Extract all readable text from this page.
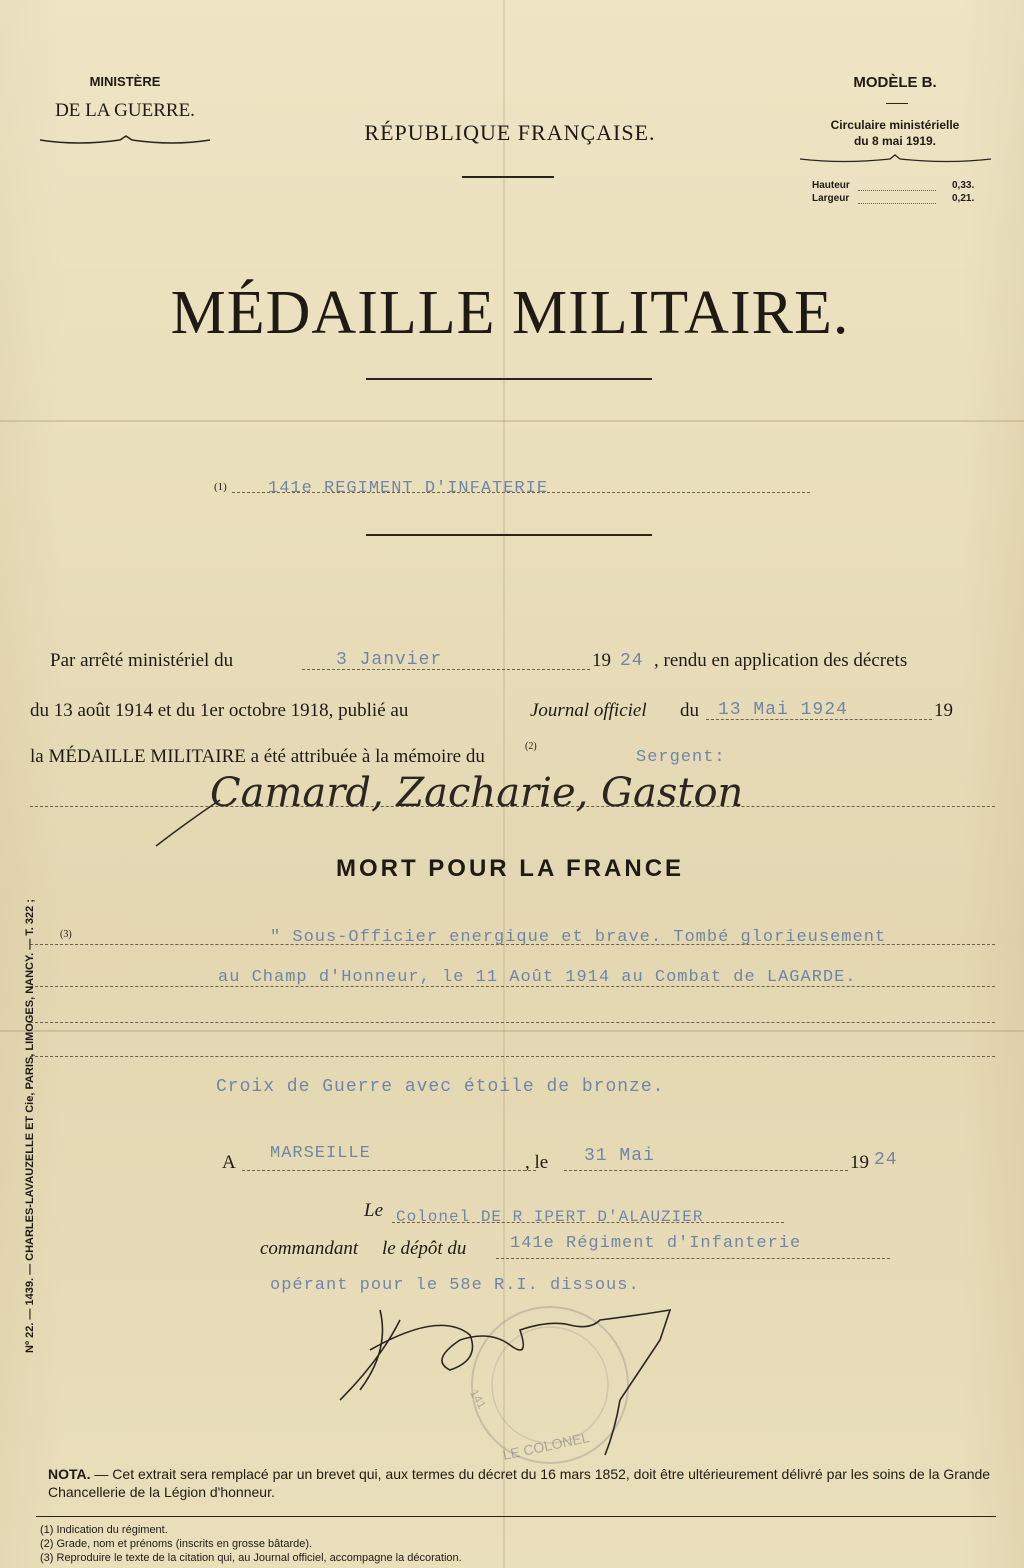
MINISTÈRE
DE LA GUERRE.
RÉPUBLIQUE FRANÇAISE.
MODÈLE B.
Circulaire ministérielle
du 8 mai 1919.
Hauteur	0,33.
Largeur	0,21.
MÉDAILLE MILITAIRE.
(1) 141e REGIMENT D'INFATERIE
Par arrêté ministériel du	3 Janvier	19 24 , rendu en application des décrets
du 13 août 1914 et du 1er octobre 1918, publié au	Journal officiel du 13 Mai 1924	19
la MÉDAILLE MILITAIRE a été attribuée à la mémoire du	(2)
Sergent:
Camard, Zacharie, Gaston
MORT POUR LA FRANCE
(3)	" Sous-Officier energique et brave. Tombé glorieusement
au Champ d'Honneur, le 11 Août 1914 au Combat de LAGARDE.
Croix de Guerre avec étoile de bronze.
A MARSEILLE	, le 31 Mai	19 24
Le Colonel DE R IPERT D'ALAUZIER
commandant le dépôt du	141e Régiment d'Infanterie
opérant pour le 58e R.I. dissous.
LE COLONEL
141
Nº 22. — 1439. — CHARLES-LAVAUZELLE ET Cie, PARIS, LIMOGES, NANCY. — T. 322 ;
NOTA. — Cet extrait sera remplacé par un brevet qui, aux termes du décret du 16 mars 1852, doit être ultérieurement délivré par les soins de la Grande Chancellerie de la Légion d'honneur.
(1) Indication du régiment.
(2) Grade, nom et prénoms (inscrits en grosse bâtarde).
(3) Reproduire le texte de la citation qui, au Journal officiel, accompagne la décoration.
